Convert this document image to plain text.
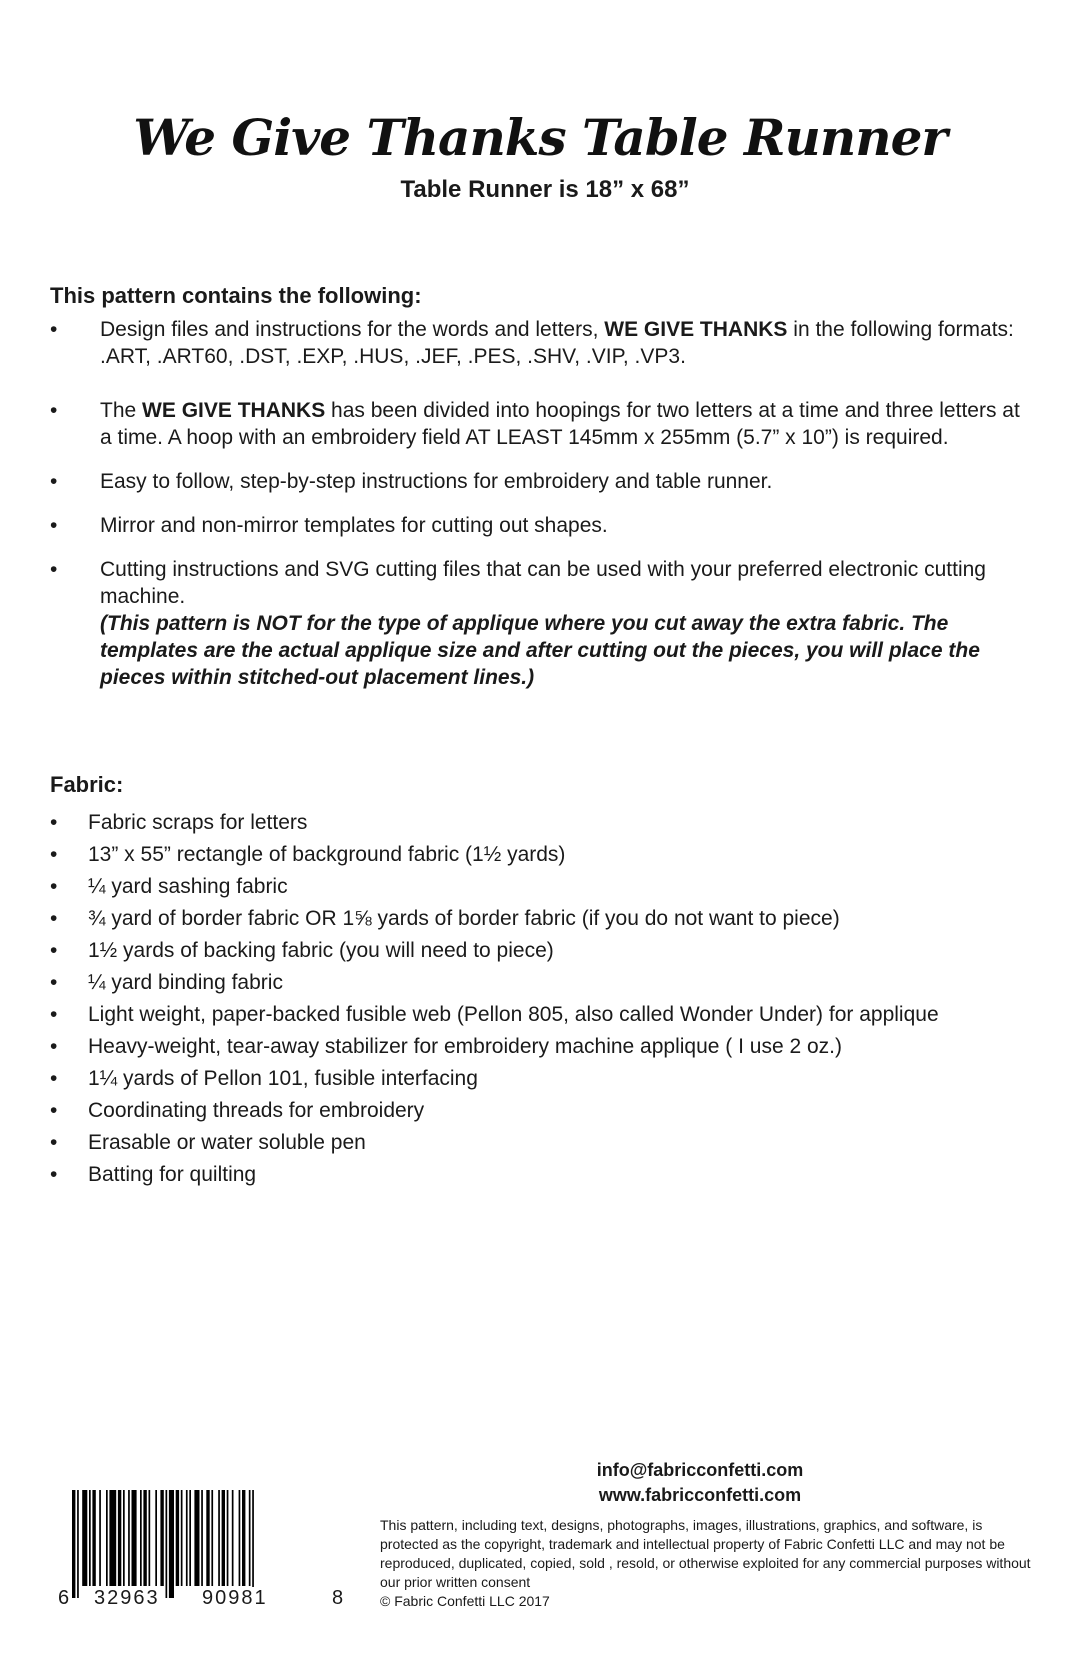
We Give Thanks Table Runner
Table Runner is 18” x 68”
This pattern contains the following:
• Design files and instructions for the words and letters, WE GIVE THANKS in the following formats: .ART, .ART60, .DST, .EXP, .HUS, .JEF, .PES, .SHV, .VIP, .VP3.
• The WE GIVE THANKS has been divided into hoopings for two letters at a time and three letters at a time. A hoop with an embroidery field AT LEAST 145mm x 255mm (5.7” x 10”) is required.
• Easy to follow, step-by-step instructions for embroidery and table runner.
• Mirror and non-mirror templates for cutting out shapes.
• Cutting instructions and SVG cutting files that can be used with your preferred electronic cutting machine.
(This pattern is NOT for the type of applique where you cut away the extra fabric. The templates are the actual applique size and after cutting out the pieces, you will place the pieces within stitched-out placement lines.)
Fabric:
• Fabric scraps for letters
• 13” x 55” rectangle of background fabric (1½ yards)
• ¼ yard sashing fabric
• ¾ yard of border fabric OR 1⅝ yards of border fabric (if you do not want to piece)
• 1½ yards of backing fabric (you will need to piece)
• ¼ yard binding fabric
• Light weight, paper-backed fusible web (Pellon 805, also called Wonder Under) for applique
• Heavy-weight, tear-away stabilizer for embroidery machine applique ( I use 2 oz.)
• 1¼ yards of Pellon 101, fusible interfacing
• Coordinating threads for embroidery
• Erasable or water soluble pen
• Batting for quilting
6 32963 90981	8
info@fabricconfetti.com
www.fabricconfetti.com
This pattern, including text, designs, photographs, images, illustrations, graphics, and software, is protected as the copyright, trademark and intellectual property of Fabric Confetti LLC and may not be reproduced, duplicated, copied, sold , resold, or otherwise exploited for any commercial purposes without our prior written consent
© Fabric Confetti LLC 2017
